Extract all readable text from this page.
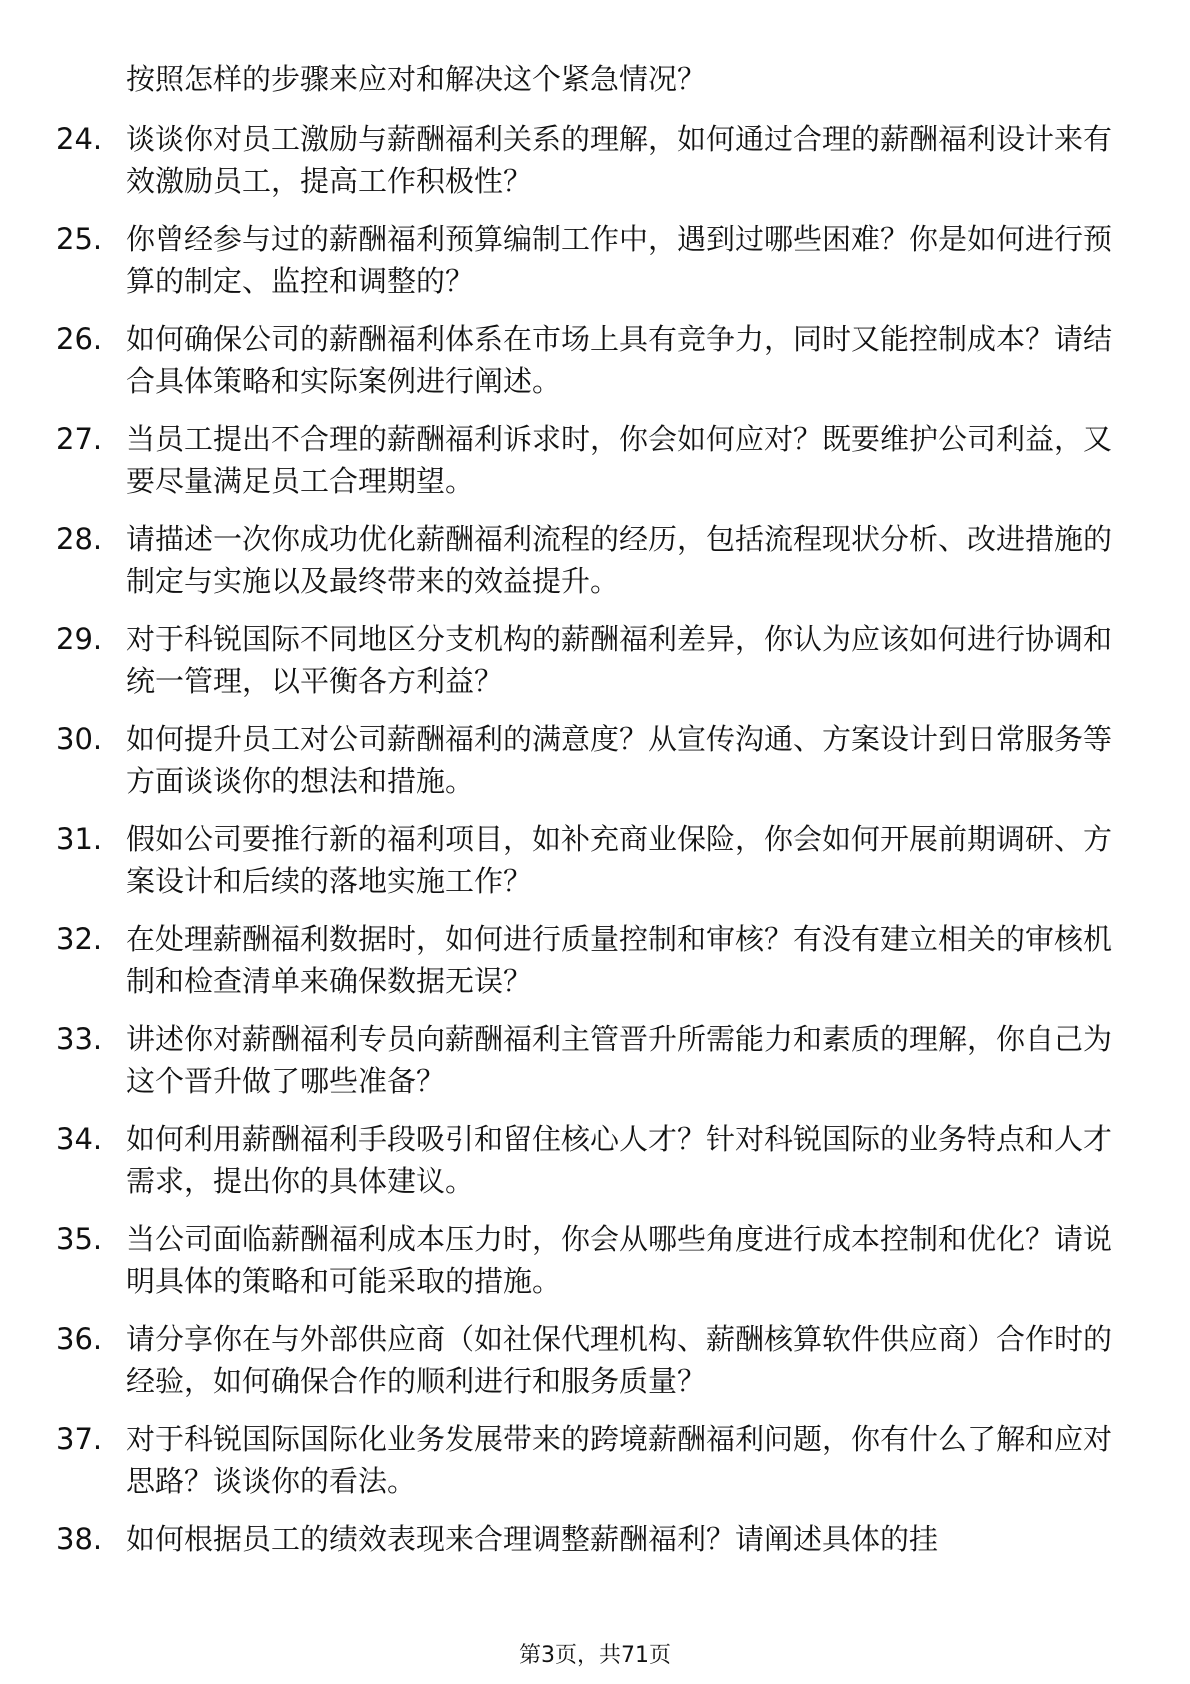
按照怎样的步骤来应对和解决这个紧急情况？
24. 谈谈你对员工激励与薪酬福利关系的理解，如何通过合理的薪酬福利设计来有效激励员工，提高工作积极性？
25. 你曾经参与过的薪酬福利预算编制工作中，遇到过哪些困难？你是如何进行预算的制定、监控和调整的？
26. 如何确保公司的薪酬福利体系在市场上具有竞争力，同时又能控制成本？请结合具体策略和实际案例进行阐述。
27. 当员工提出不合理的薪酬福利诉求时，你会如何应对？既要维护公司利益，又要尽量满足员工合理期望。
28. 请描述一次你成功优化薪酬福利流程的经历，包括流程现状分析、改进措施的制定与实施以及最终带来的效益提升。
29. 对于科锐国际不同地区分支机构的薪酬福利差异，你认为应该如何进行协调和统一管理，以平衡各方利益？
30. 如何提升员工对公司薪酬福利的满意度？从宣传沟通、方案设计到日常服务等方面谈谈你的想法和措施。
31. 假如公司要推行新的福利项目，如补充商业保险，你会如何开展前期调研、方案设计和后续的落地实施工作？
32. 在处理薪酬福利数据时，如何进行质量控制和审核？有没有建立相关的审核机制和检查清单来确保数据无误？
33. 讲述你对薪酬福利专员向薪酬福利主管晋升所需能力和素质的理解，你自己为这个晋升做了哪些准备？
34. 如何利用薪酬福利手段吸引和留住核心人才？针对科锐国际的业务特点和人才需求，提出你的具体建议。
35. 当公司面临薪酬福利成本压力时，你会从哪些角度进行成本控制和优化？请说明具体的策略和可能采取的措施。
36. 请分享你在与外部供应商（如社保代理机构、薪酬核算软件供应商）合作时的经验，如何确保合作的顺利进行和服务质量？
37. 对于科锐国际国际化业务发展带来的跨境薪酬福利问题，你有什么了解和应对思路？谈谈你的看法。
38. 如何根据员工的绩效表现来合理调整薪酬福利？请阐述具体的挂
第3页，共71页
